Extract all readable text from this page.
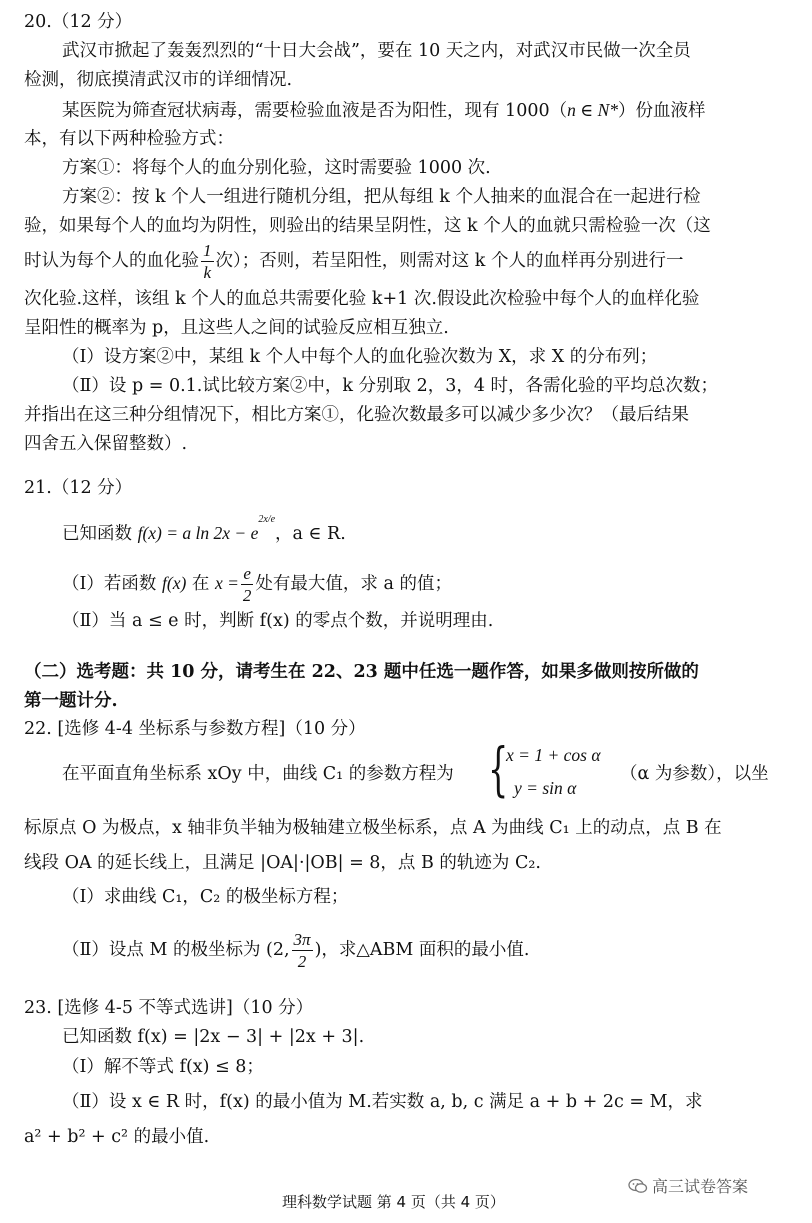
20.（12 分）
武汉市掀起了轰轰烈烈的“十日大会战”，要在 10 天之内，对武汉市民做一次全员
检测，彻底摸清武汉市的详细情况.
某医院为筛查冠状病毒，需要检验血液是否为阳性，现有 1000（n ∈ N*）份血液样
本，有以下两种检验方式：
方案①：将每个人的血分别化验，这时需要验 1000 次.
方案②：按 k 个人一组进行随机分组，把从每组 k 个人抽来的血混合在一起进行检
验，如果每个人的血均为阴性，则验出的结果呈阴性，这 k 个人的血就只需检验一次（这
时认为每个人的血化验 $\frac{1}{k}$ 次）；否则，若呈阳性，则需对这 k 个人的血样再分别进行一
次化验.这样，该组 k 个人的血总共需要化验 k+1 次.假设此次检验中每个人的血样化验
呈阳性的概率为 p，且这些人之间的试验反应相互独立.
（Ⅰ）设方案②中，某组 k 个人中每个人的血化验次数为 X，求 X 的分布列；
（Ⅱ）设 p = 0.1.试比较方案②中，k 分别取 2，3，4 时，各需化验的平均总次数；
并指出在这三种分组情况下，相比方案①，化验次数最多可以减少多少次？（最后结果
四舍五入保留整数）.
21.（12 分）
已知函数 f(x) = a $\ln 2x - e^{2x/e}$，a ∈ R.
（Ⅰ）若函数 f(x) 在 $x = \frac{e}{2}$ 处有最大值，求 a 的值；
（Ⅱ）当 a ≤ e 时，判断 f(x) 的零点个数，并说明理由.
（二）选考题：共 10 分，请考生在 22、23 题中任选一题作答，如果多做则按所做的
第一题计分.
22. [选修 4-4 坐标系与参数方程]（10 分）
在平面直角坐标系 xOy 中，曲线 C₁ 的参数方程为 {
x = 1 + cos α
y = sin α
（α 为参数），以坐
标原点 O 为极点，x 轴非负半轴为极轴建立极坐标系，点 A 为曲线 C₁ 上的动点，点 B 在
线段 OA 的延长线上，且满足 |OA|·|OB| = 8，点 B 的轨迹为 C₂.
（Ⅰ）求曲线 C₁，C₂ 的极坐标方程；
（Ⅱ）设点 M 的极坐标为 (2, $\frac{3\pi}{2}$ )，求△ABM 面积的最小值.
23. [选修 4-5 不等式选讲]（10 分）
已知函数 f(x) = |2x − 3| + |2x + 3|.
（Ⅰ）解不等式 f(x) ≤ 8；
（Ⅱ）设 x ∈ R 时，f(x) 的最小值为 M.若实数 a, b, c 满足 a + b + 2c = M，求
a² + b² + c² 的最小值.
高三试卷答案
理科数学试题 第 4 页（共 4 页）
